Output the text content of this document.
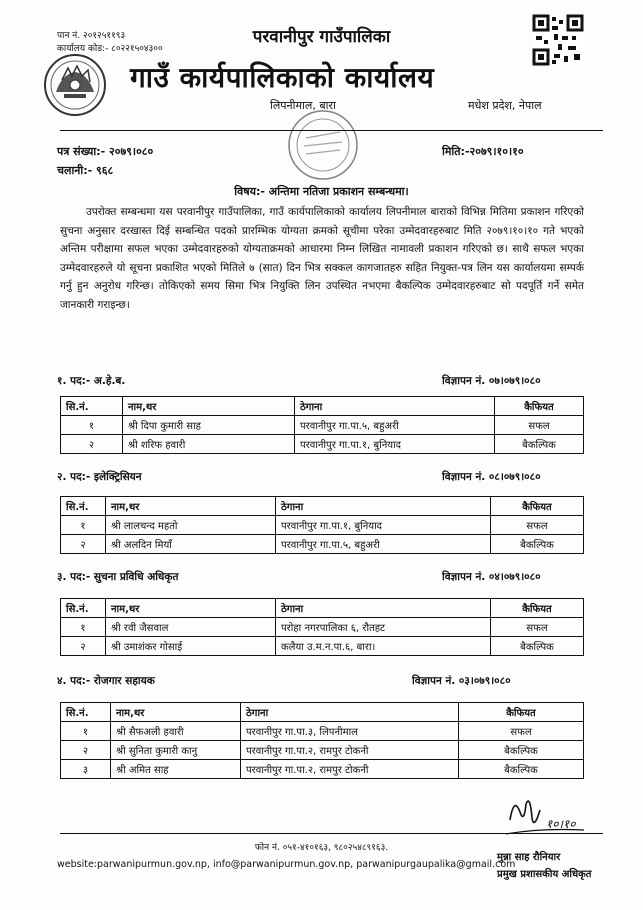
पान नं. २०१२५११९३
कार्यालय कोड:- ८०२२१५०४३००
परवानीपुर गाउँपालिका
गाउँ कार्यपालिकाको कार्यालय
लिपनीमाल, बारा	मधेश प्रदेश, नेपाल
पत्र संख्या:- २०७९।०८०
चलानी:- ९६८
मिति:-२०७९।१०।१०
विषय:- अन्तिमा नतिजा प्रकाशन सम्बन्धमा।
उपरोक्त सम्बन्धमा यस परवानीपुर गाउँपालिका, गाउँ कार्यपालिकाको कार्यालय लिपनीमाल बाराको विभिन्न मितिमा प्रकाशन गरिएको सुचना अनुसार दरखास्त दिई सम्बन्धित पदको प्रारम्भिक योग्यता क्रमको सूचीमा परेका उम्मेदवारहरुबाट मिति २०७९।१०।१० गते भएको अन्तिम परीक्षामा सफल भएका उम्मेदवारहरुको योग्यताक्रमको आधारमा निम्न लिखित नामावली प्रकाशन गरिएको छ। साथै सफल भएका उम्मेदवारहरुले यो सूचना प्रकाशित भएको मितिले ७ (सात) दिन भित्र सक्कल कागजातहरु सहित नियुक्त-पत्र लिन यस कार्यालयमा सम्पर्क गर्नु हुन अनुरोध गरिन्छ। तोकिएको समय सिमा भित्र नियुक्ति लिन उपस्थित नभएमा बैकल्पिक उम्मेदवारहरुबाट सो पदपूर्ति गर्ने समेत जानकारी गराइन्छ।
१. पद:- अ.हे.ब.	विज्ञापन नं. ०७।०७९।०८०
सि.नं.	नाम,थर	ठेगाना	कैफियत
१	श्री दिपा कुमारी साह	परवानीपुर गा.पा.५, बहुअरी	सफल
२	श्री शरिफ हवारी	परवानीपुर गा.पा.१, बुनियाद	बैकल्पिक
२. पद:- इलेक्ट्रिसियन	विज्ञापन नं. ०८।०७९।०८०
सि.नं.	नाम,थर	ठेगाना	कैफियत
१	श्री लालचन्द महतो	परवानीपुर गा.पा.१, बुनियाद	सफल
२	श्री अलदिन मियाँ	परवानीपुर गा.पा.५, बहुअरी	बैकल्पिक
३. पद:- सुचना प्रविधि अधिकृत	विज्ञापन नं. ०४।०७९।०८०
सि.नं.	नाम,थर	ठेगाना	कैफियत
१	श्री रवी जैसवाल	परोहा नगरपालिका ६, रौतहट	सफल
२	श्री उमाशंकर गोसाई	कलैया उ.म.न.पा.६, बारा।	बैकल्पिक
४. पद:- रोजगार सहायक	विज्ञापन नं. ०३।०७९।०८०
सि.नं.	नाम,थर	ठेगाना	कैफियत
१	श्री सैफअली हवारी	परवानीपुर गा.पा.३, लिपनीमाल	सफल
२	श्री सुनिता कुमारी कानु	परवानीपुर गा.पा.२, रामपुर टोकनी	बैकल्पिक
३	श्री अमित साह	परवानीपुर गा.पा.२, रामपुर टोकनी	बैकल्पिक
१०।१०
फोन नं. ०५१-४१०१६३, ९८०२५४८९१६३.
website:parwanipurmun.gov.np, info@parwanipurmun.gov.np, parwanipurgaupalika@gmail.com
मुन्ना साह रौनियार
प्रमुख प्रशासकीय अधिकृत
